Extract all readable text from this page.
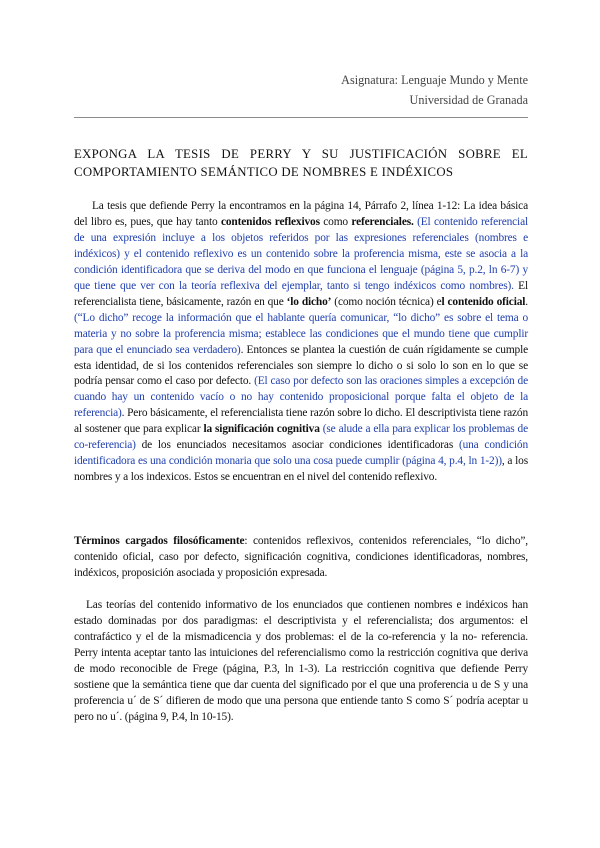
Asignatura: Lenguaje Mundo y Mente
Universidad de Granada
EXPONGA LA TESIS DE PERRY Y SU JUSTIFICACIÓN SOBRE EL COMPORTAMIENTO SEMÁNTICO DE NOMBRES E INDÉXICOS
La tesis que defiende Perry la encontramos en la página 14, Párrafo 2, línea 1-12: La idea básica del libro es, pues, que hay tanto contenidos reflexivos como referenciales. (El contenido referencial de una expresión incluye a los objetos referidos por las expresiones referenciales (nombres e indéxicos) y el contenido reflexivo es un contenido sobre la proferencia misma, este se asocia a la condición identificadora que se deriva del modo en que funciona el lenguaje (página 5, p.2, ln 6-7) y que tiene que ver con la teoría reflexiva del ejemplar, tanto si tengo indéxicos como nombres). El referencialista tiene, básicamente, razón en que ‘lo dicho’ (como noción técnica) el contenido oficial. (“Lo dicho” recoge la información que el hablante quería comunicar, “lo dicho” es sobre el tema o materia y no sobre la proferencia misma; establece las condiciones que el mundo tiene que cumplir para que el enunciado sea verdadero). Entonces se plantea la cuestión de cuán rígidamente se cumple esta identidad, de si los contenidos referenciales son siempre lo dicho o si solo lo son en lo que se podría pensar como el caso por defecto. (El caso por defecto son las oraciones simples a excepción de cuando hay un contenido vacío o no hay contenido proposicional porque falta el objeto de la referencia). Pero básicamente, el referencialista tiene razón sobre lo dicho. El descriptivista tiene razón al sostener que para explicar la significación cognitiva (se alude a ella para explicar los problemas de co-referencia) de los enunciados necesitamos asociar condiciones identificadoras (una condición identificadora es una condición monaria que solo una cosa puede cumplir (página 4, p.4, ln 1-2)), a los nombres y a los indexicos. Estos se encuentran en el nivel del contenido reflexivo.
Términos cargados filosóficamente: contenidos reflexivos, contenidos referenciales, “lo dicho”, contenido oficial, caso por defecto, significación cognitiva, condiciones identificadoras, nombres, indéxicos, proposición asociada y proposición expresada.
Las teorías del contenido informativo de los enunciados que contienen nombres e indéxicos han estado dominadas por dos paradigmas: el descriptivista y el referencialista; dos argumentos: el contrafáctico y el de la mismadicencia y dos problemas: el de la co-referencia y la no- referencia. Perry intenta aceptar tanto las intuiciones del referencialismo como la restricción cognitiva que deriva de modo reconocible de Frege (página, P.3, ln 1-3). La restricción cognitiva que defiende Perry sostiene que la semántica tiene que dar cuenta del significado por el que una proferencia u de S y una proferencia u´ de S´ difieren de modo que una persona que entiende tanto S como S´ podría aceptar u pero no u´. (página 9, P.4, ln 10-15).
